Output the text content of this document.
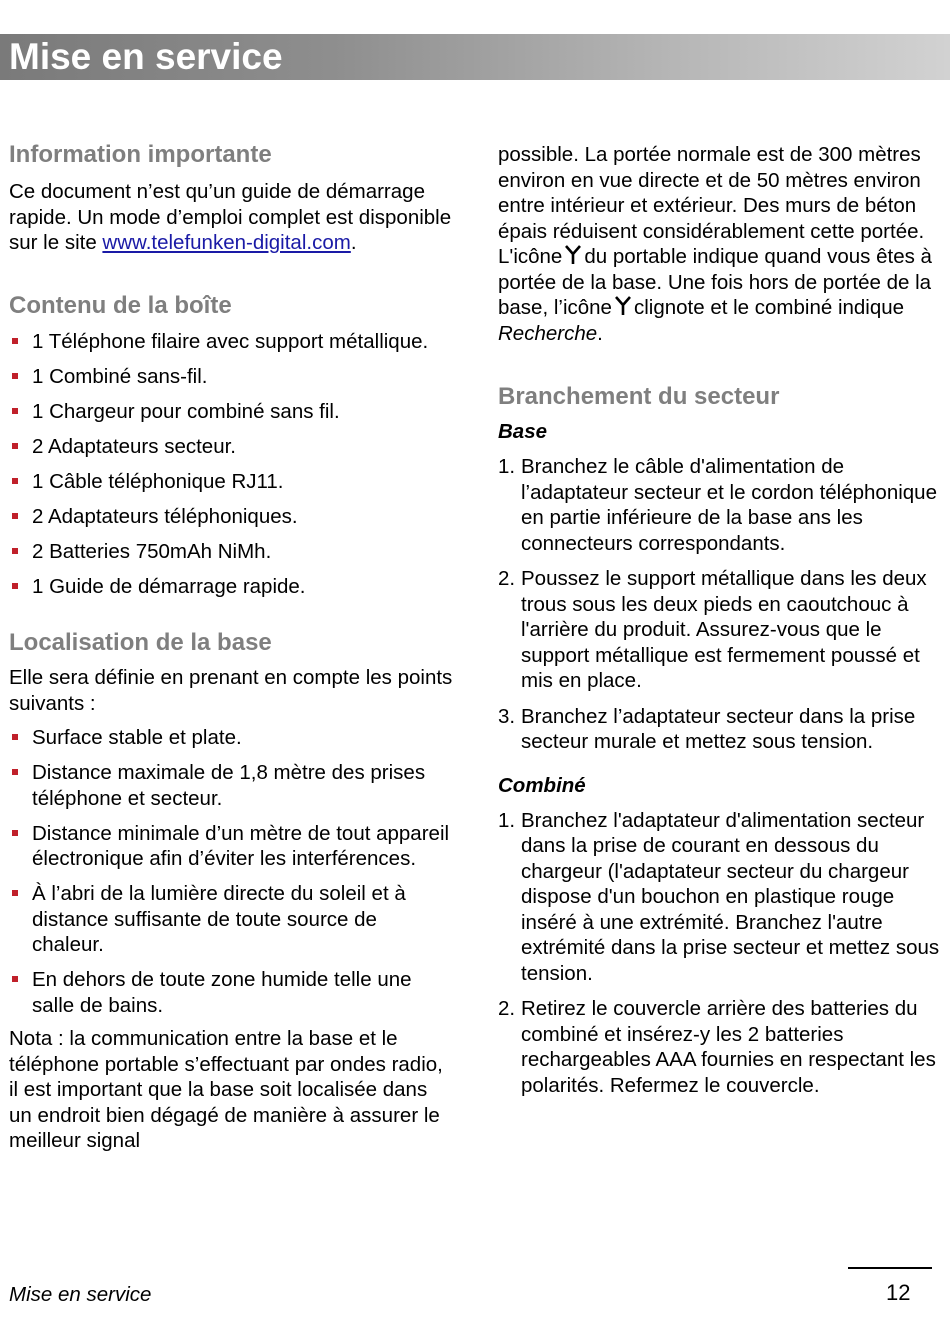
Mise en service
Information importante

Ce document n’est qu’un guide de démarrage rapide. Un mode d’emploi complet est disponible sur le site www.telefunken-digital.com.

Contenu de la boîte
1 Téléphone filaire avec support métallique.
1 Combiné sans-fil.
1 Chargeur pour combiné sans fil.
2 Adaptateurs secteur.
1 Câble téléphonique RJ11.
2 Adaptateurs téléphoniques.
2 Batteries 750mAh NiMh.
1 Guide de démarrage rapide.
Localisation de la base

Elle sera définie en prenant en compte les points suivants :

Surface stable et plate.
Distance maximale de 1,8 mètre des prises téléphone et secteur.
Distance minimale d’un mètre de tout appareil électronique afin d’éviter les interférences.
À l’abri de la lumière directe du soleil et à distance suffisante de toute source de chaleur.
En dehors de toute zone humide telle une salle de bains.

Nota : la communication entre la base et le téléphone portable s’effectuant par ondes radio, il est important que la base soit localisée dans un endroit bien dégagé de manière à assurer le meilleur signal

possible. La portée normale est de 300 mètres environ en vue directe et de 50 mètres environ entre intérieur et extérieur. Des murs de béton épais réduisent considérablement cette portée. L'icône du portable indique quand vous êtes à portée de la base. Une fois hors de portée de la base, l’icône clignote et le combiné indique Recherche.

Branchement du secteur
Base
1. Branchez le câble d'alimentation de l’adaptateur secteur et le cordon téléphonique en partie inférieure de la base ans les connecteurs correspondants.
2. Poussez le support métallique dans les deux trous sous les deux pieds en caoutchouc à l'arrière du produit. Assurez-vous que le support métallique est fermement poussé et mis en place.
3. Branchez l’adaptateur secteur dans la prise secteur murale et mettez sous tension.
Combiné
1. Branchez l'adaptateur d'alimentation secteur dans la prise de courant en dessous du chargeur (l'adaptateur secteur du chargeur dispose d'un bouchon en plastique rouge inséré à une extrémité. Branchez l'autre extrémité dans la prise secteur et mettez sous tension.
2. Retirez le couvercle arrière des batteries du combiné et insérez-y les 2 batteries rechargeables AAA fournies en respectant les polarités. Refermez le couvercle.
Mise en service	12
